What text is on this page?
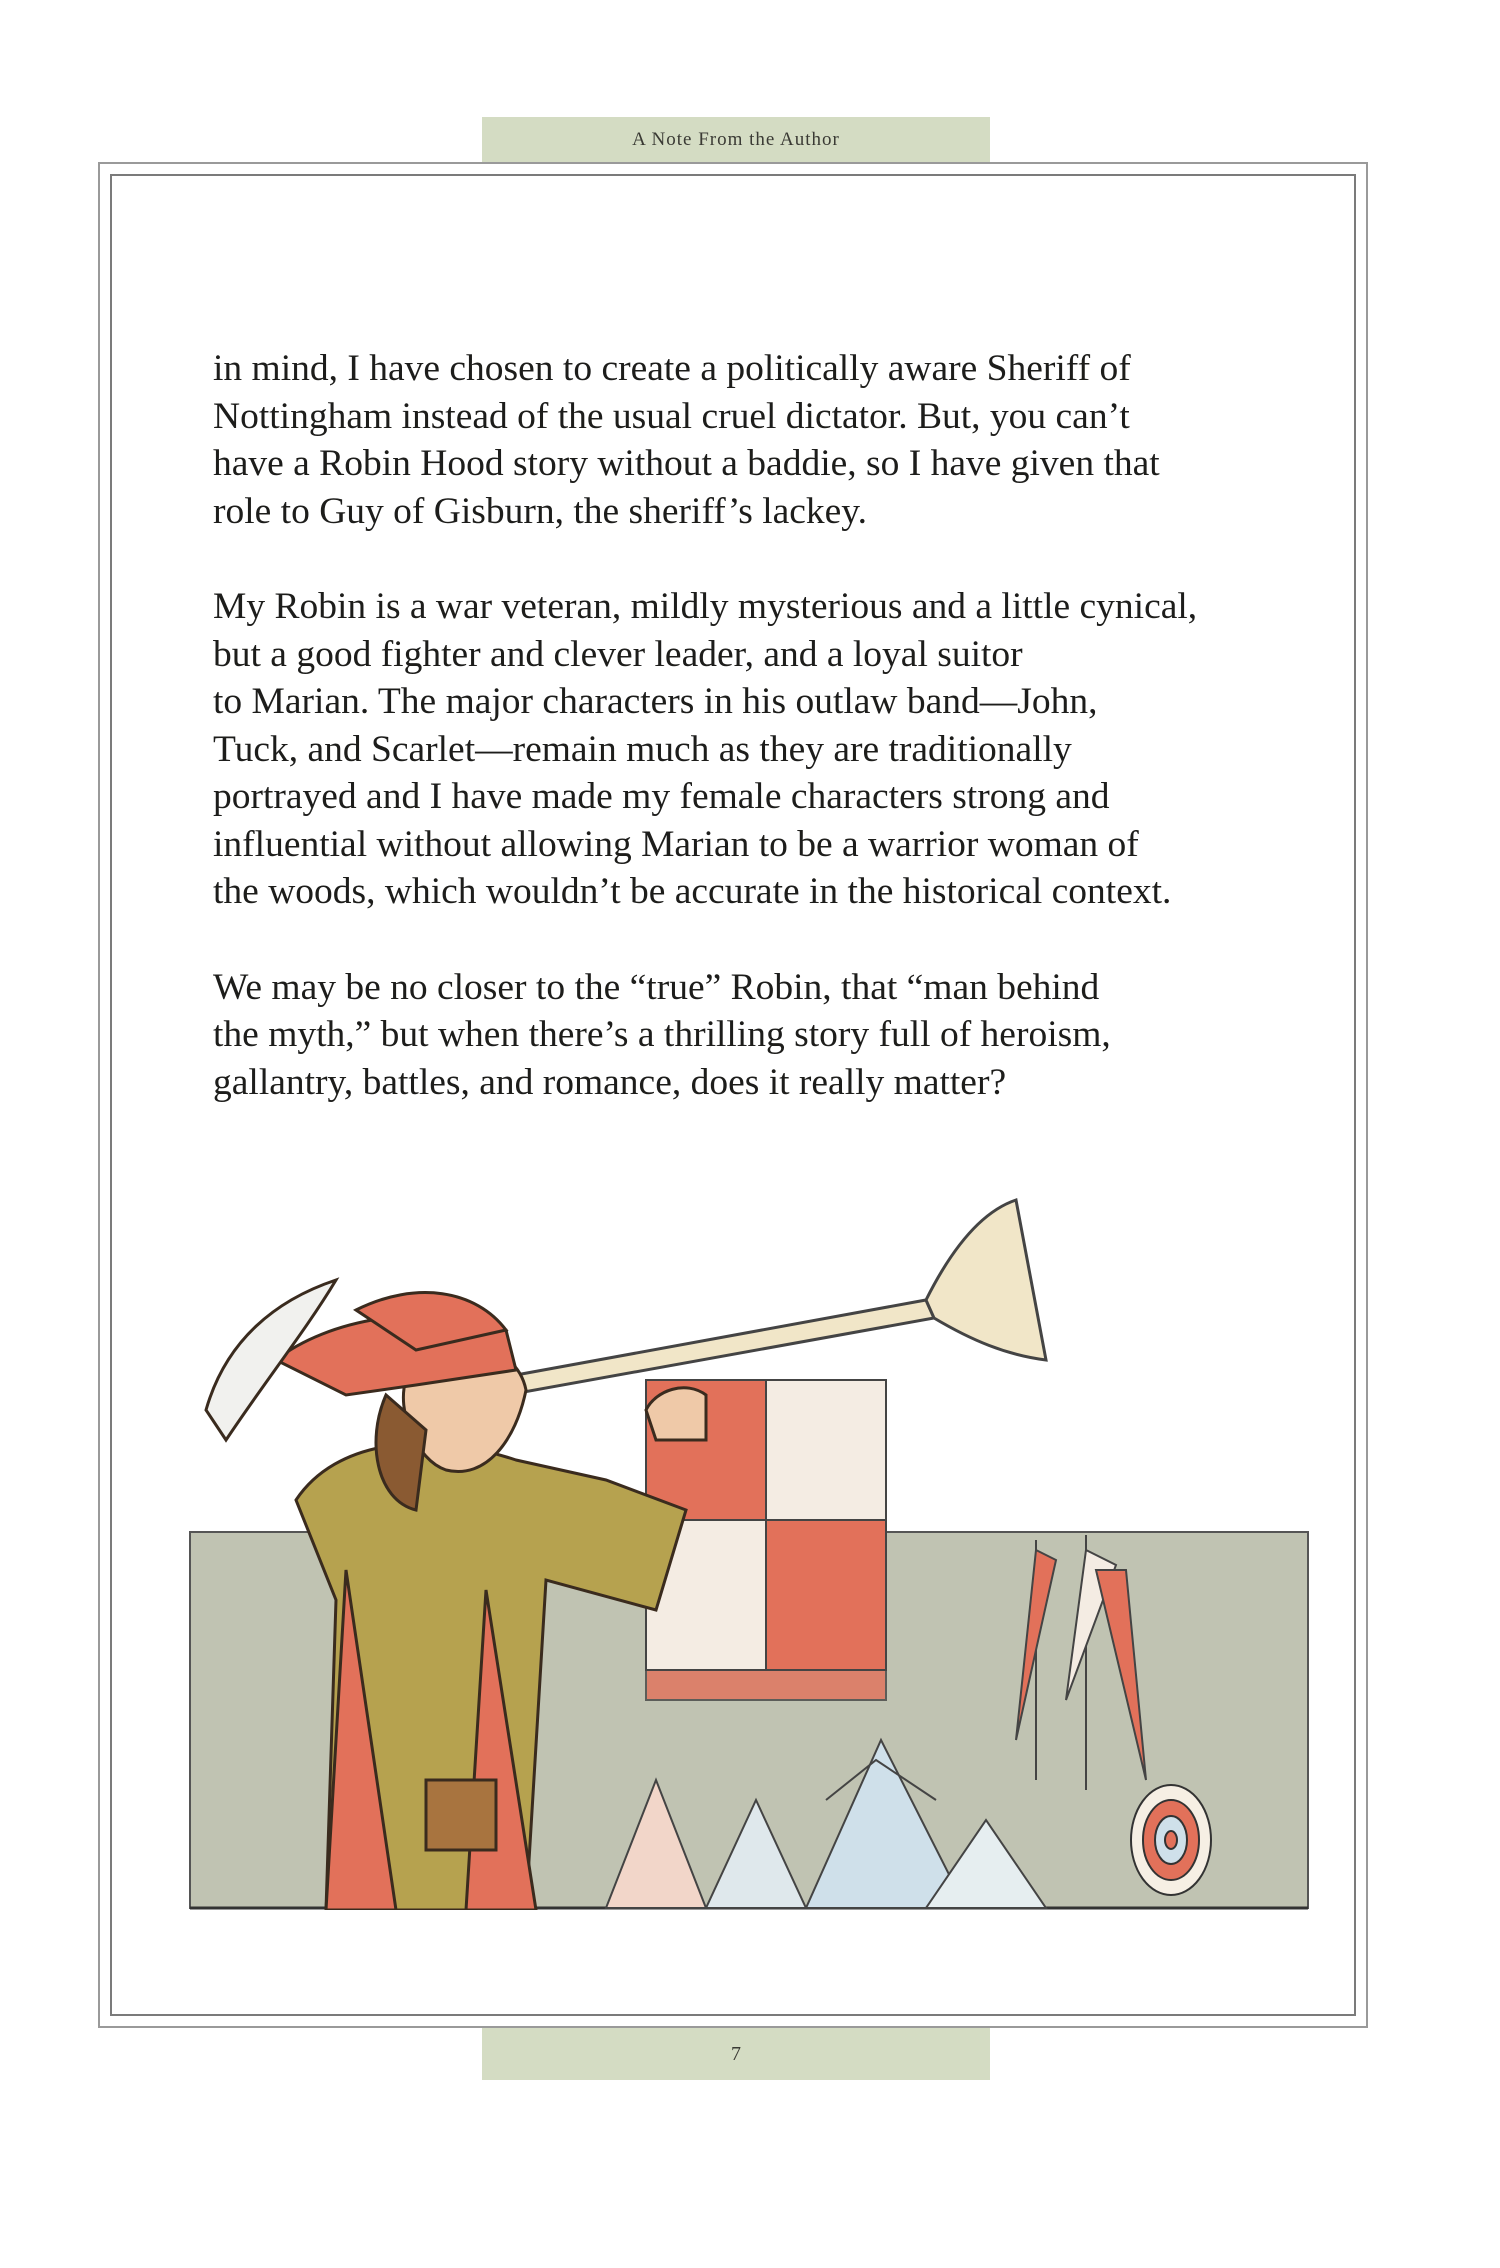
A Note From the Author

in mind, I have chosen to create a politically aware Sheriff of
Nottingham instead of the usual cruel dictator. But, you can’t
have a Robin Hood story without a baddie, so I have given that
role to Guy of Gisburn, the sheriff’s lackey.

My Robin is a war veteran, mildly mysterious and a little cynical,
but a good fighter and clever leader, and a loyal suitor
to Marian. The major characters in his outlaw band—John,
Tuck, and Scarlet—remain much as they are traditionally
portrayed and I have made my female characters strong and
influential without allowing Marian to be a warrior woman of
the woods, which wouldn’t be accurate in the historical context.

We may be no closer to the “true” Robin, that “man behind
the myth,” but when there’s a thrilling story full of heroism,
gallantry, battles, and romance, does it really matter?

7
